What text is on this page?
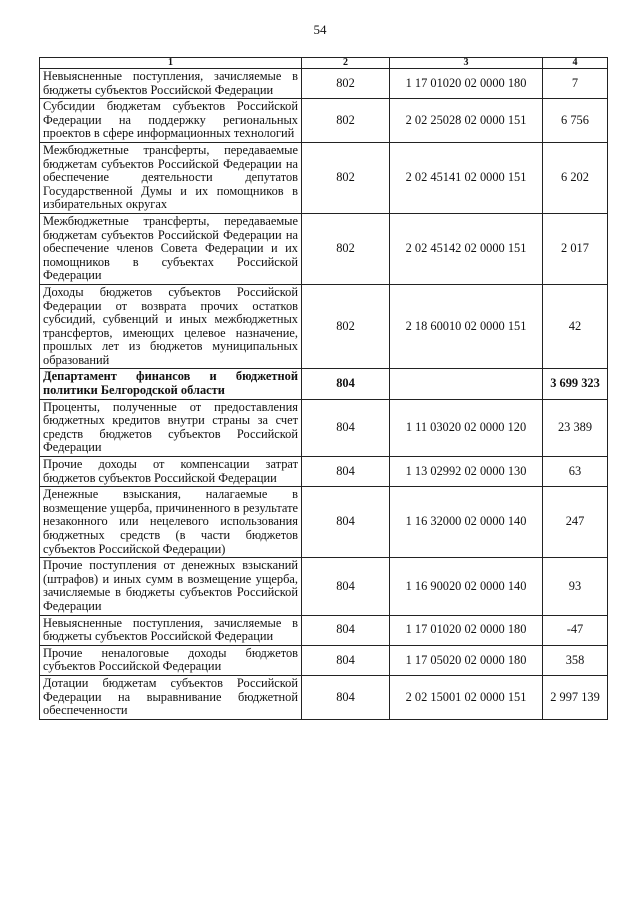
54
1	2	3	4
Невыясненные поступления, зачисляемые в бюджеты субъектов Российской Федерации	802	1 17 01020 02 0000 180	7
Субсидии бюджетам субъектов Российской Федерации на поддержку региональных проектов в сфере информационных технологий	802	2 02 25028 02 0000 151	6 756
Межбюджетные трансферты, передаваемые бюджетам субъектов Российской Федерации на обеспечение деятельности депутатов Государственной Думы и их помощников в избирательных округах	802	2 02 45141 02 0000 151	6 202
Межбюджетные трансферты, передаваемые бюджетам субъектов Российской Федерации на обеспечение членов Совета Федерации и их помощников в субъектах Российской Федерации	802	2 02 45142 02 0000 151	2 017
Доходы бюджетов субъектов Российской Федерации от возврата прочих остатков субсидий, субвенций и иных межбюджетных трансфертов, имеющих целевое назначение, прошлых лет из бюджетов муниципальных образований	802	2 18 60010 02 0000 151	42
Департамент финансов и бюджетной политики Белгородской области	804		3 699 323
Проценты, полученные от предоставления бюджетных кредитов внутри страны за счет средств бюджетов субъектов Российской Федерации	804	1 11 03020 02 0000 120	23 389
Прочие доходы от компенсации затрат бюджетов субъектов Российской Федерации	804	1 13 02992 02 0000 130	63
Денежные взыскания, налагаемые в возмещение ущерба, причиненного в результате незаконного или нецелевого использования бюджетных средств (в части бюджетов субъектов Российской Федерации)	804	1 16 32000 02 0000 140	247
Прочие поступления от денежных взысканий (штрафов) и иных сумм в возмещение ущерба, зачисляемые в бюджеты субъектов Российской Федерации	804	1 16 90020 02 0000 140	93
Невыясненные поступления, зачисляемые в бюджеты субъектов Российской Федерации	804	1 17 01020 02 0000 180	-47
Прочие неналоговые доходы бюджетов субъектов Российской Федерации	804	1 17 05020 02 0000 180	358
Дотации бюджетам субъектов Российской Федерации на выравнивание бюджетной обеспеченности	804	2 02 15001 02 0000 151	2 997 139
